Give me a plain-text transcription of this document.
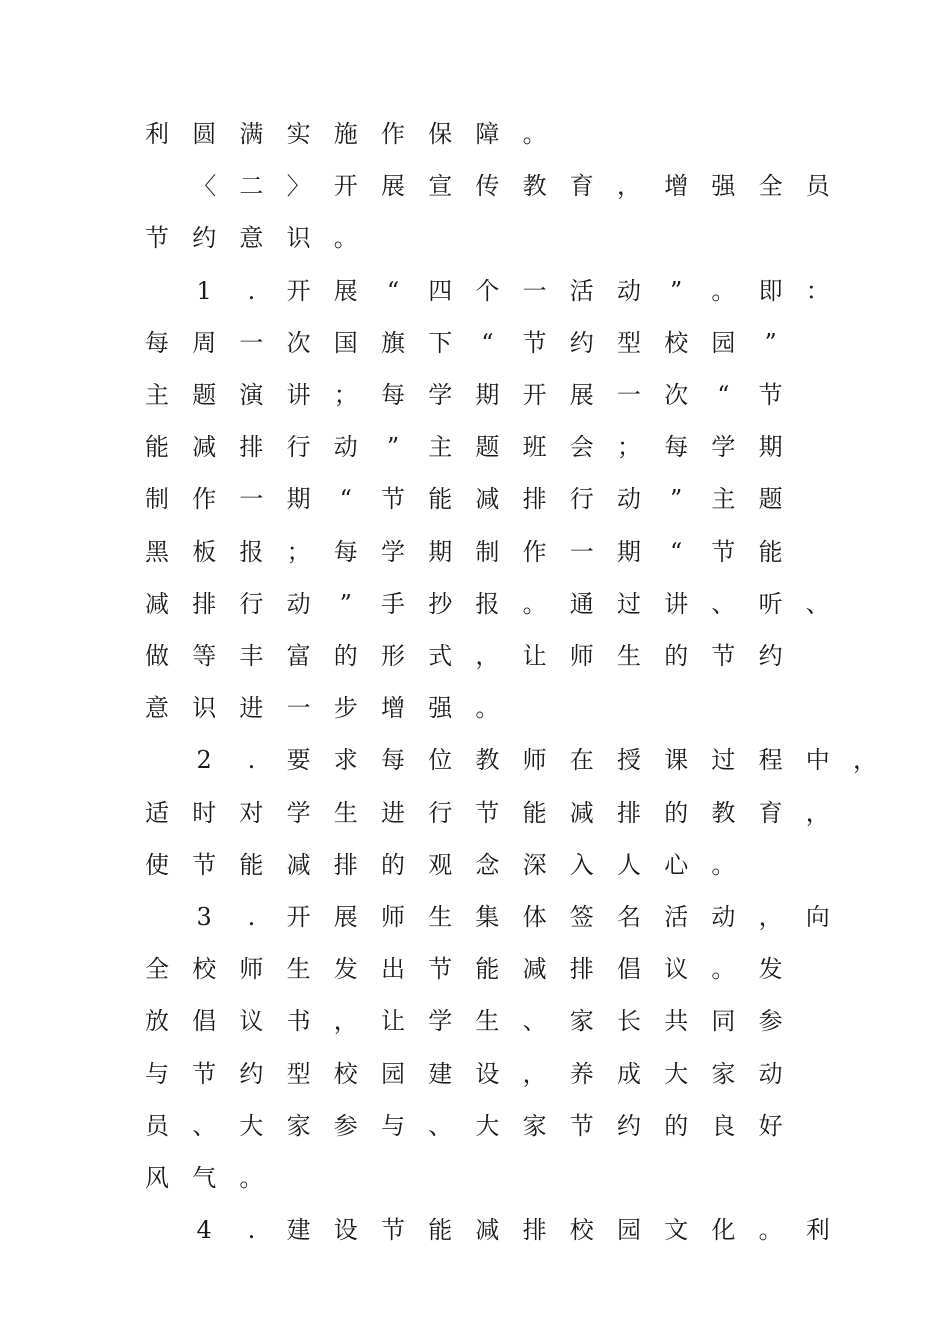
利 圆 满 实 施 作 保 障 。
〈 二 〉 开 展 宣 传 教 育 ， 增 强 全 员
节 约 意 识 。
1	.	开 展	“	四 个 一 活 动	”	。 即 ：
每 周 一 次 国 旗 下	“	节 约 型 校 园	”
主 题 演 讲 ； 每 学 期 开 展 一 次	“	节
能 减 排 行 动	”	主 题 班 会 ； 每 学 期
制 作 一 期	“	节 能 减 排 行 动	”	主 题
黑 板 报 ； 每 学 期 制 作 一 期	“	节 能
减 排 行 动	”	手 抄 报 。 通 过 讲 、 听 、
做 等 丰 富 的 形 式 ， 让 师 生 的 节 约
意 识 进 一 步 增 强 。
2	.	要 求 每 位 教 师 在 授 课 过 程 中 ，
适 时 对 学 生 进 行 节 能 减 排 的 教 育 ，
使 节 能 减 排 的 观 念 深 入 人 心 。
3	.	开 展 师 生 集 体 签 名 活 动 ， 向
全 校 师 生 发 出 节 能 减 排 倡 议 。 发
放 倡 议 书 ， 让 学 生 、 家 长 共 同 参
与 节 约 型 校 园 建 设 ， 养 成 大 家 动
员 、 大 家 参 与 、 大 家 节 约 的 良 好
风 气 。
4	.	建 设 节 能 减 排 校 园 文 化 。 利
